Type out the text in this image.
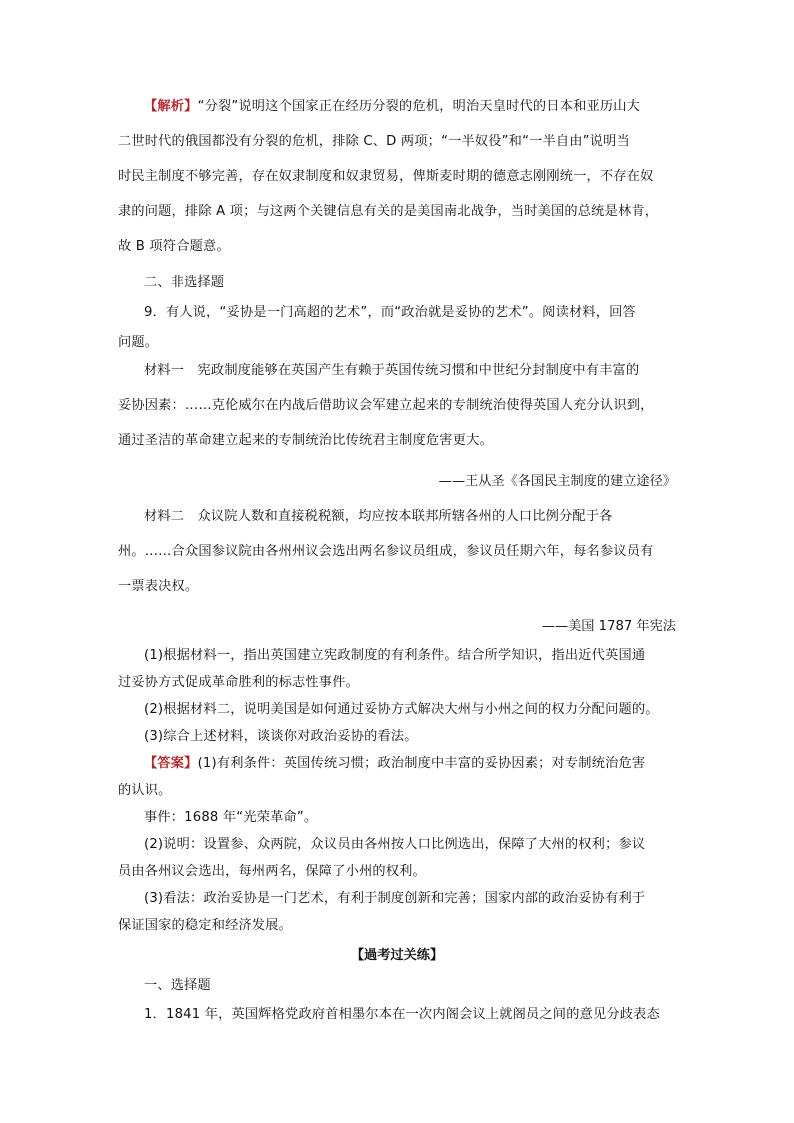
【解析】“分裂”说明这个国家正在经历分裂的危机，明治天皇时代的日本和亚历山大
二世时代的俄国都没有分裂的危机，排除 C、D 两项；“一半奴役”和“一半自由”说明当
时民主制度不够完善，存在奴隶制度和奴隶贸易，俾斯麦时期的德意志刚刚统一，不存在奴
隶的问题，排除 A 项；与这两个关键信息有关的是美国南北战争，当时美国的总统是林肯，
故 B 项符合题意。
二、非选择题
9．有人说，“妥协是一门高超的艺术”，而“政治就是妥协的艺术”。阅读材料，回答
问题。
材料一　宪政制度能够在英国产生有赖于英国传统习惯和中世纪分封制度中有丰富的
妥协因素：……克伦威尔在内战后借助议会军建立起来的专制统治使得英国人充分认识到，
通过圣洁的革命建立起来的专制统治比传统君主制度危害更大。
——王从圣《各国民主制度的建立途径》
材料二　众议院人数和直接税税额，均应按本联邦所辖各州的人口比例分配于各
州。……合众国参议院由各州州议会选出两名参议员组成，参议员任期六年，每名参议员有
一票表决权。
——美国 1787 年宪法
(1)根据材料一，指出英国建立宪政制度的有利条件。结合所学知识，指出近代英国通
过妥协方式促成革命胜利的标志性事件。
(2)根据材料二，说明美国是如何通过妥协方式解决大州与小州之间的权力分配问题的。
(3)综合上述材料，谈谈你对政治妥协的看法。
【答案】(1)有利条件：英国传统习惯；政治制度中丰富的妥协因素；对专制统治危害
的认识。
事件：1688 年“光荣革命”。
(2)说明：设置参、众两院，众议员由各州按人口比例选出，保障了大州的权利；参议
员由各州议会选出，每州两名，保障了小州的权利。
(3)看法：政治妥协是一门艺术，有利于制度创新和完善；国家内部的政治妥协有利于
保证国家的稳定和经济发展。
【過考过关练】
一、选择题
1．1841 年，英国辉格党政府首相墨尔本在一次内阁会议上就阁员之间的意见分歧表态
